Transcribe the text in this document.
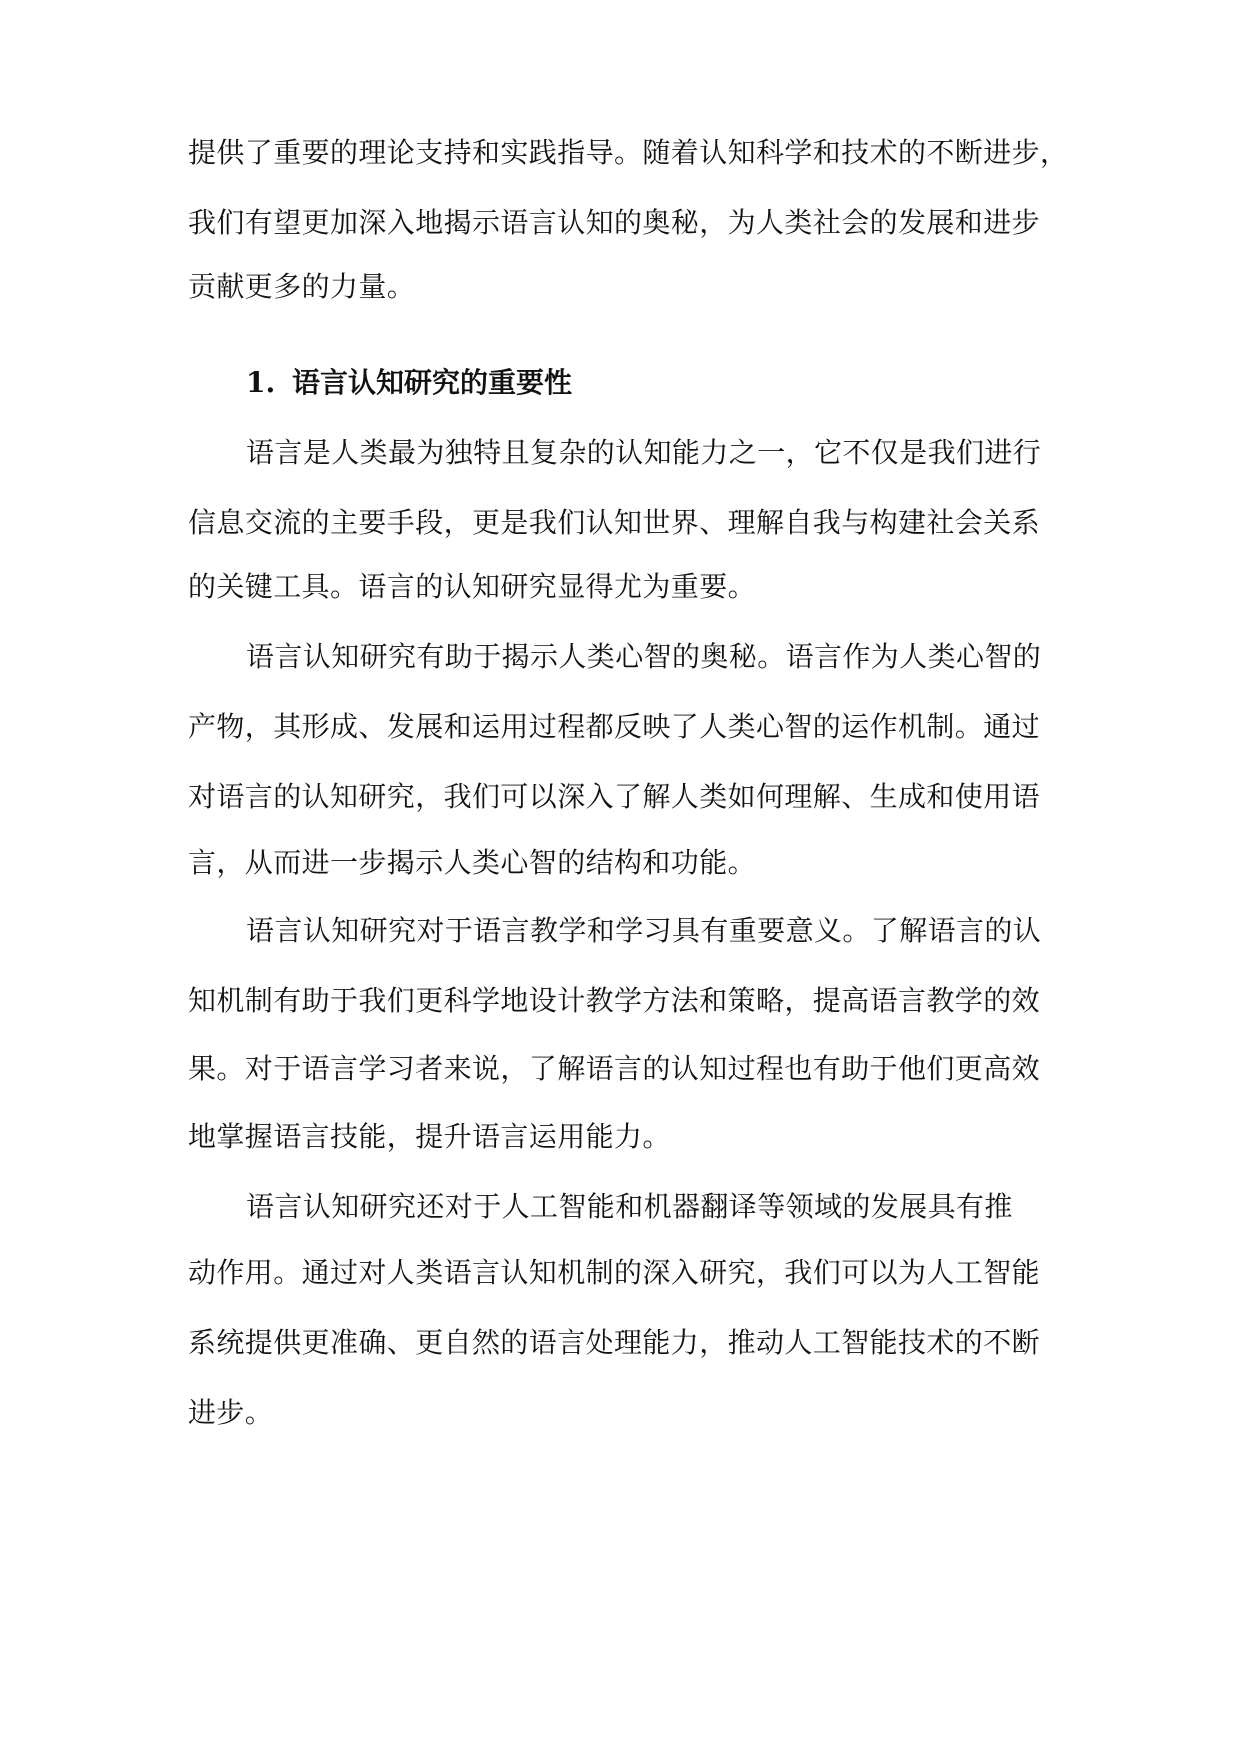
提供了重要的理论支持和实践指导。随着认知科学和技术的不断进步，
我们有望更加深入地揭示语言认知的奥秘，为人类社会的发展和进步
贡献更多的力量。
1. 语言认知研究的重要性
语言是人类最为独特且复杂的认知能力之一，它不仅是我们进行
信息交流的主要手段，更是我们认知世界、理解自我与构建社会关系
的关键工具。语言的认知研究显得尤为重要。
语言认知研究有助于揭示人类心智的奥秘。语言作为人类心智的
产物，其形成、发展和运用过程都反映了人类心智的运作机制。通过
对语言的认知研究，我们可以深入了解人类如何理解、生成和使用语
言，从而进一步揭示人类心智的结构和功能。
语言认知研究对于语言教学和学习具有重要意义。了解语言的认
知机制有助于我们更科学地设计教学方法和策略，提高语言教学的效
果。对于语言学习者来说，了解语言的认知过程也有助于他们更高效
地掌握语言技能，提升语言运用能力。
语言认知研究还对于人工智能和机器翻译等领域的发展具有推
动作用。通过对人类语言认知机制的深入研究，我们可以为人工智能
系统提供更准确、更自然的语言处理能力，推动人工智能技术的不断
进步。
